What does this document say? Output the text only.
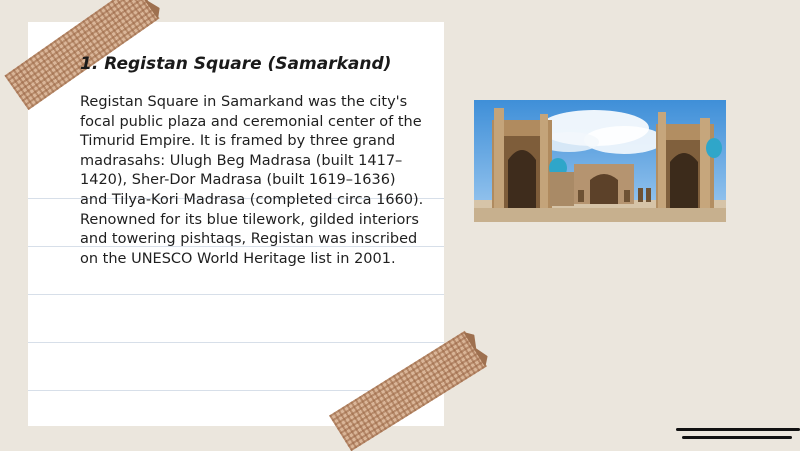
1. Registan Square (Samarkand)

Registan Square in Samarkand was the city's focal public plaza and ceremonial center of the Timurid Empire. It is framed by three grand madrasahs: Ulugh Beg Madrasa (built 1417–1420), Sher-Dor Madrasa (built 1619–1636) and Tilya-Kori Madrasa (completed circa 1660). Renowned for its blue tilework, gilded interiors and towering pishtaqs, Registan was inscribed on the UNESCO World Heritage list in 2001.
